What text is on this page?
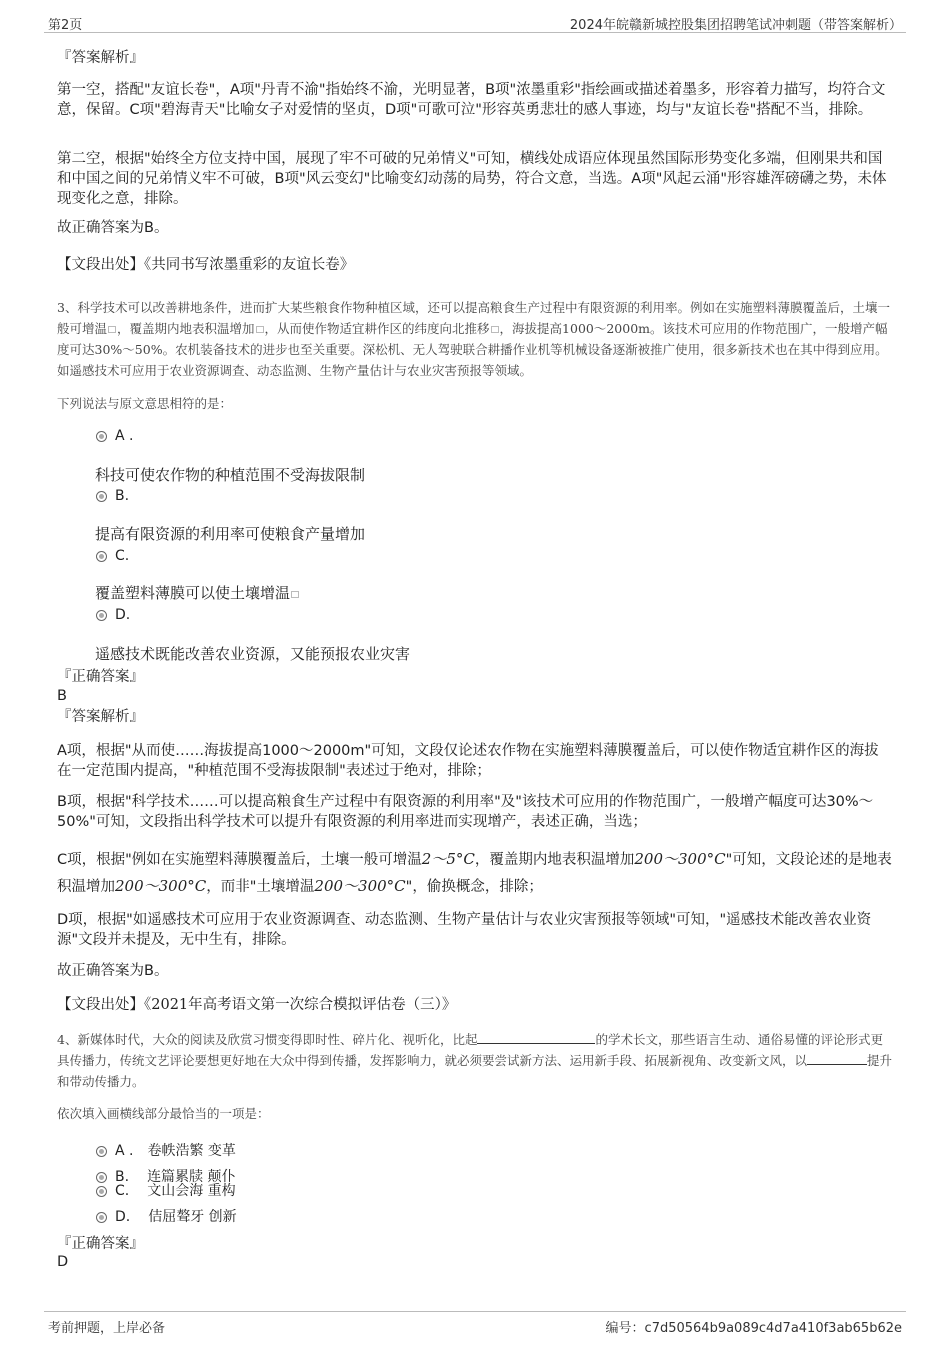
第2页	2024年皖赣新城控股集团招聘笔试冲刺题（带答案解析）
『答案解析』
第一空，搭配"友谊长卷"，A项"丹青不渝"指始终不渝，光明显著，B项"浓墨重彩"指绘画或描述着墨多，形容着力描写，均符合文意，保留。C项"碧海青天"比喻女子对爱情的坚贞，D项"可歌可泣"形容英勇悲壮的感人事迹，均与"友谊长卷"搭配不当，排除。
第二空，根据"始终全方位支持中国，展现了牢不可破的兄弟情义"可知，横线处成语应体现虽然国际形势变化多端，但刚果共和国和中国之间的兄弟情义牢不可破，B项"风云变幻"比喻变幻动荡的局势，符合文意，当选。A项"风起云涌"形容雄浑磅礴之势，未体现变化之意，排除。
故正确答案为B。
【文段出处】《共同书写浓墨重彩的友谊长卷》
3、科学技术可以改善耕地条件，进而扩大某些粮食作物种植区域，还可以提高粮食生产过程中有限资源的利用率。例如在实施塑料薄膜覆盖后，土壤一般可增温 ，覆盖期内地表积温增加 ，从而使作物适宜耕作区的纬度向北推移 ，海拔提高1000～2000m。该技术可应用的作物范围广，一般增产幅度可达30%～50%。农机装备技术的进步也至关重要。深松机、无人驾驶联合耕播作业机等机械设备逐渐被推广使用，很多新技术也在其中得到应用。如遥感技术可应用于农业资源调查、动态监测、生物产量估计与农业灾害预报等领域。
下列说法与原文意思相符的是：
A .
科技可使农作物的种植范围不受海拔限制
B.
提高有限资源的利用率可使粮食产量增加
C.
覆盖塑料薄膜可以使土壤增温
D.
遥感技术既能改善农业资源，又能预报农业灾害
『正确答案』
B
『答案解析』
A项，根据"从而使……海拔提高1000～2000m"可知，文段仅论述农作物在实施塑料薄膜覆盖后，可以使作物适宜耕作区的海拔在一定范围内提高，"种植范围不受海拔限制"表述过于绝对，排除；
B项，根据"科学技术……可以提高粮食生产过程中有限资源的利用率"及"该技术可应用的作物范围广，一般增产幅度可达30%～50%"可知，文段指出科学技术可以提升有限资源的利用率进而实现增产，表述正确，当选；
C项，根据"例如在实施塑料薄膜覆盖后，土壤一般可增温2～5°C，覆盖期内地表积温增加200～300°C"可知，文段论述的是地表积温增加200～300°C，而非"土壤增温200～300°C"，偷换概念，排除；
D项，根据"如遥感技术可应用于农业资源调查、动态监测、生物产量估计与农业灾害预报等领域"可知，"遥感技术能改善农业资源"文段并未提及，无中生有，排除。
故正确答案为B。
【文段出处】《2021年高考语文第一次综合模拟评估卷（三）》
4、新媒体时代，大众的阅读及欣赏习惯变得即时性、碎片化、视听化，比起	的学术长文，那些语言生动、通俗易懂的评论形式更具传播力，传统文艺评论要想更好地在大众中得到传播，发挥影响力，就必须要尝试新方法、运用新手段、拓展新视角、改变新文风，以	提升和带动传播力。
依次填入画横线部分最恰当的一项是：
A . 卷帙浩繁 变革
B. 连篇累牍 颠仆
C. 文山会海 重构
D. 佶屈聱牙 创新
『正确答案』
D
考前押题，上岸必备	编号：c7d50564b9a089c4d7a410f3ab65b62e
